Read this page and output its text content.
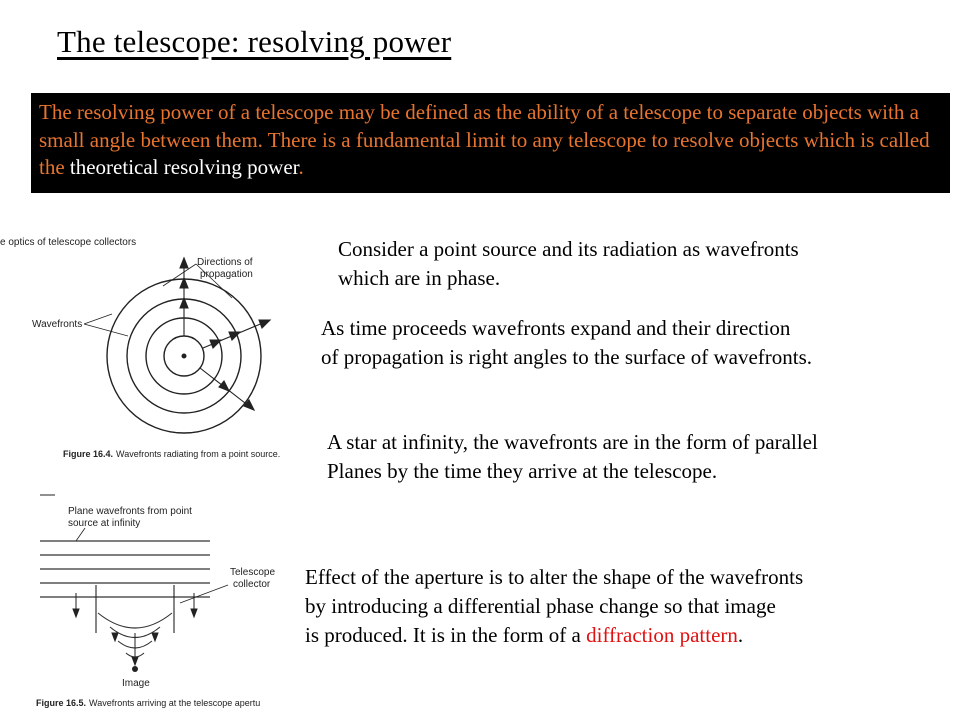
The telescope: resolving power
The resolving power of a telescope may be defined as the ability of a telescope to separate objects with a small angle between them. There is a fundamental limit to any telescope to resolve objects which is called the theoretical resolving power.
e optics of telescope collectors
Directions of
propagation
Wavefronts
Figure 16.4. Wavefronts radiating from a point source.
Plane wavefronts from point
source at infinity
Telescope
collector
Image
Figure 16.5. Wavefronts arriving at the telescope apertu
Consider a point source and its radiation as wavefronts
which are in phase.
As time proceeds wavefronts expand and their direction
of propagation is right angles to the surface of wavefronts.
A star at infinity, the wavefronts are in the form of parallel
Planes by the time they arrive at the telescope.
Effect of the aperture is to alter the shape of the wavefronts
by introducing a differential phase change so that image
is produced. It is in the form of a diffraction pattern.
